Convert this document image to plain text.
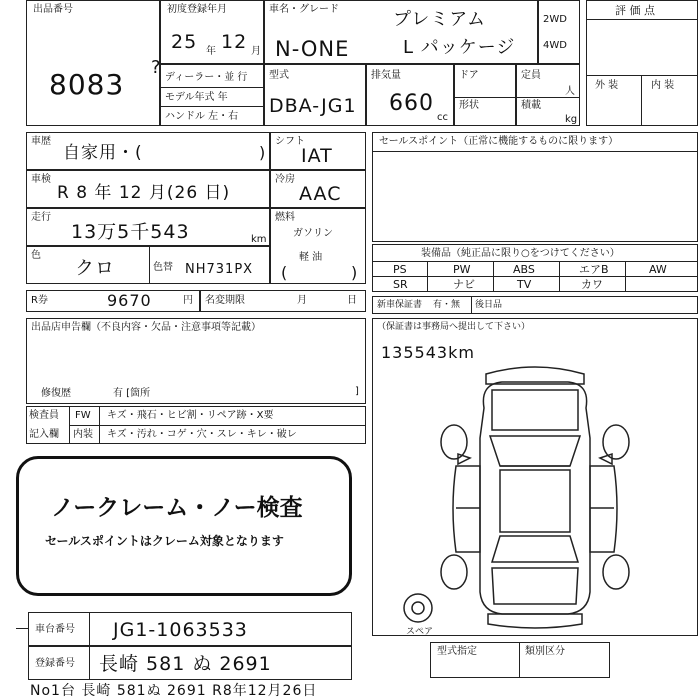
出品番号
8083
?
初度登録年月
25 年 12 月
車名・グレード
N-ONE
プレミアム
L パッケージ
2WD
4WD
評 価 点
外 装	内 装
ディーラー・並 行
モデル年式 年
ハンドル 左・右
型式
DBA-JG1
排気量
660
cc
ドア
形状
定員
人
積載
kg
車歴
自家用・(	)
シフト
IAT
車検
R 8 年 12 月(26 日)
冷房
AAC
走行
13万5千543	km
燃料
ガソリン
軽 油
(	)
色
クロ	色替 NH731PX
R券	9670	円 名変期限	月	日
出品店申告欄（不良内容・欠品・注意事項等記載）
修復歴	有 [箇所	]
検査員
記入欄
FW
内装
キズ・飛石・ヒビ割・リペア跡・X要
キズ・汚れ・コゲ・穴・スレ・キレ・破レ
ノークレーム・ノー検査
セールスポイントはクレーム対象となります
車台番号 JG1-1063533
登録番号 長崎 581 ぬ 2691
No1台 長崎 581ぬ 2691 R8年12月26日
セールスポイント（正常に機能するものに限ります）
装備品（純正品に限り○をつけてください）
PS	PW	ABS	エアB	AW
SR	ナビ	TV	カワ
新車保証書 有・無 後日品
（保証書は事務局へ提出して下さい）
135543km
スペア
型式指定	類別区分
